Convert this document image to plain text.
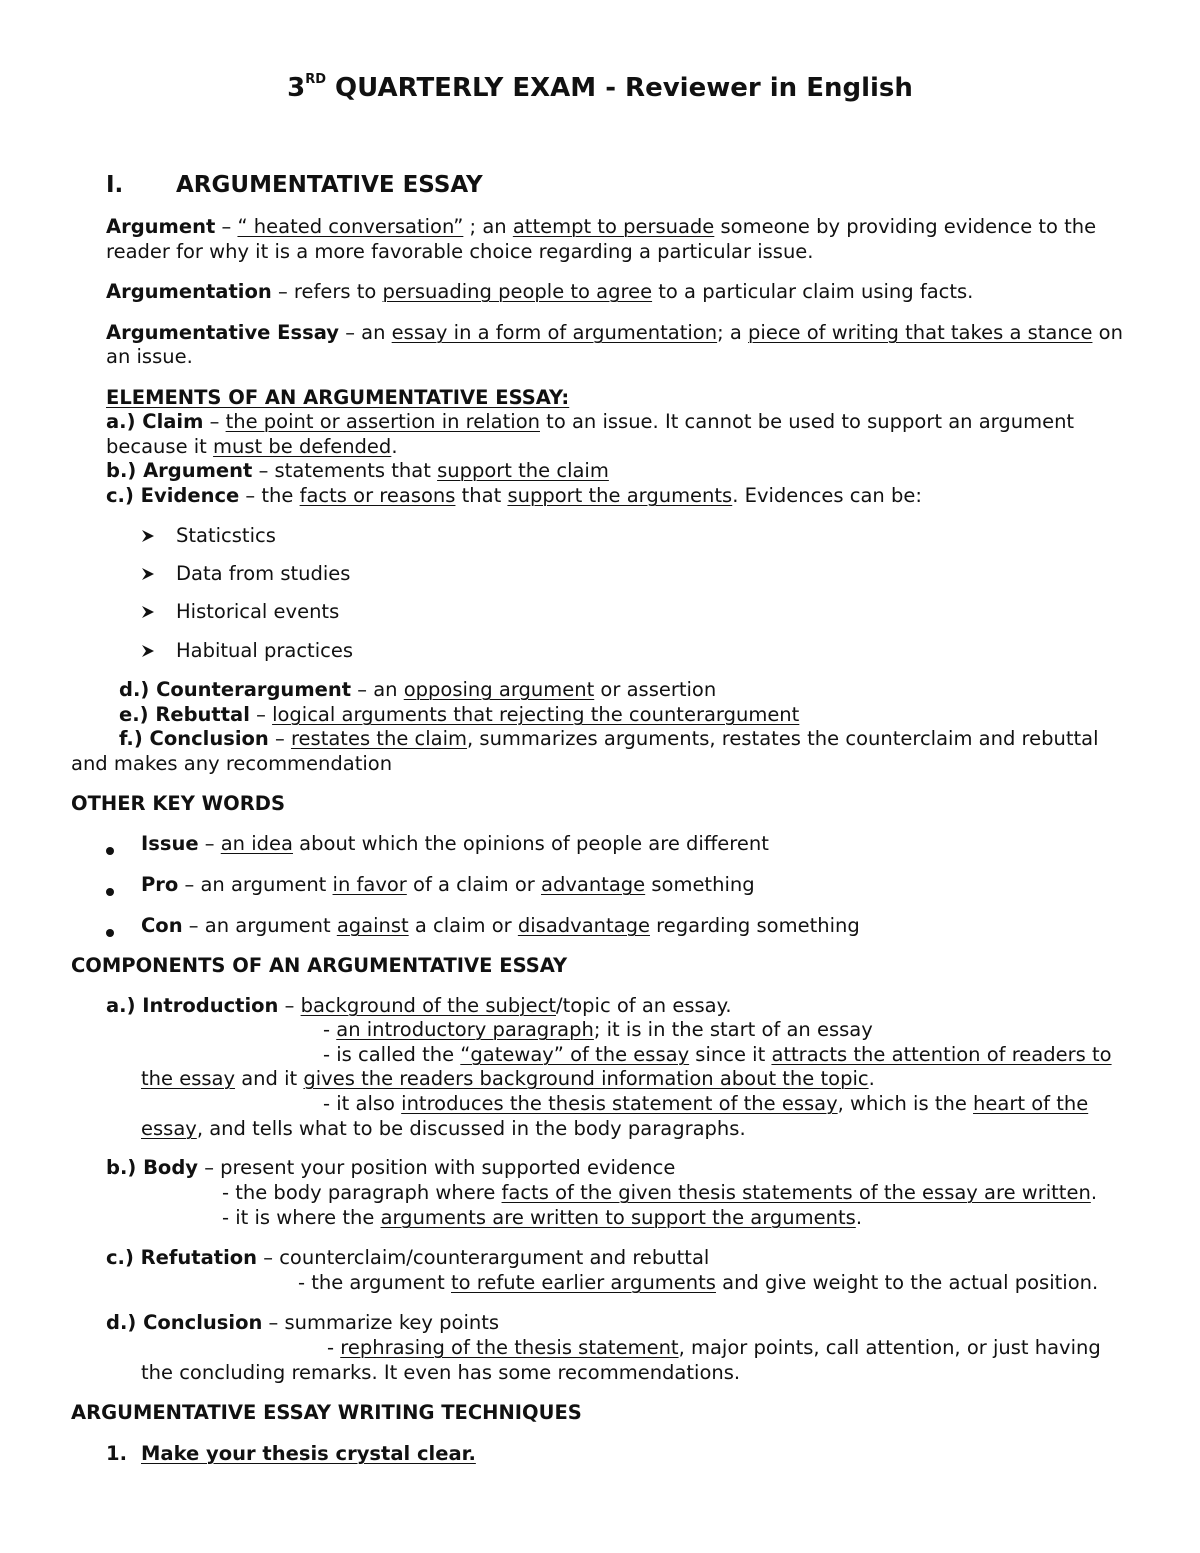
3RD QUARTERLY EXAM - Reviewer in English
I. ARGUMENTATIVE ESSAY
Argument – “ heated conversation” ; an attempt to persuade someone by providing evidence to the
reader for why it is a more favorable choice regarding a particular issue.
Argumentation – refers to persuading people to agree to a particular claim using facts.
Argumentative Essay – an essay in a form of argumentation; a piece of writing that takes a stance on
an issue.
ELEMENTS OF AN ARGUMENTATIVE ESSAY:
a.) Claim – the point or assertion in relation to an issue. It cannot be used to support an argument
because it must be defended.
b.) Argument – statements that support the claim
c.) Evidence – the facts or reasons that support the arguments. Evidences can be:
Staticstics
Data from studies
Historical events
Habitual practices
d.) Counterargument – an opposing argument or assertion
e.) Rebuttal – logical arguments that rejecting the counterargument
f.) Conclusion – restates the claim, summarizes arguments, restates the counterclaim and rebuttal
and makes any recommendation
OTHER KEY WORDS
Issue – an idea about which the opinions of people are different
Pro – an argument in favor of a claim or advantage something
Con – an argument against a claim or disadvantage regarding something
COMPONENTS OF AN ARGUMENTATIVE ESSAY
a.) Introduction – background of the subject/topic of an essay.
- an introductory paragraph; it is in the start of an essay
- is called the “gateway” of the essay since it attracts the attention of readers to
the essay and it gives the readers background information about the topic.
- it also introduces the thesis statement of the essay, which is the heart of the
essay, and tells what to be discussed in the body paragraphs.
b.) Body – present your position with supported evidence
- the body paragraph where facts of the given thesis statements of the essay are written.
- it is where the arguments are written to support the arguments.
c.) Refutation – counterclaim/counterargument and rebuttal
- the argument to refute earlier arguments and give weight to the actual position.
d.) Conclusion – summarize key points
- rephrasing of the thesis statement, major points, call attention, or just having
the concluding remarks. It even has some recommendations.
ARGUMENTATIVE ESSAY WRITING TECHNIQUES
1. Make your thesis crystal clear.
